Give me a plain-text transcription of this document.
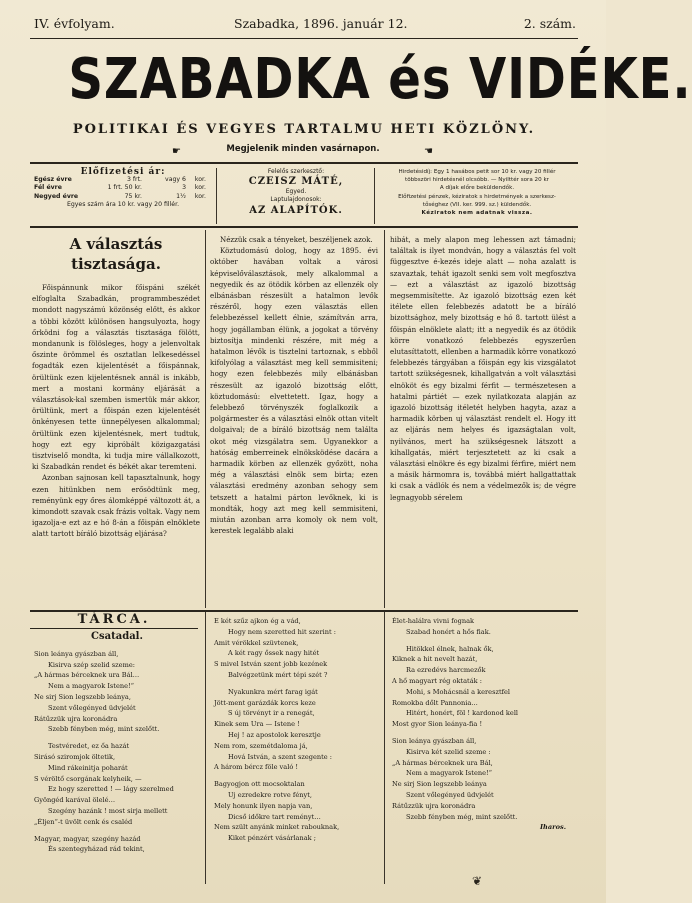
IV. évfolyam.	Szabadka, 1896. január 12.	2. szám.
SZABADKA és VIDÉKE.
POLITIKAI ÉS VEGYES TARTALMU HETI KÖZLÖNY.
☛	Megjelenik minden vasárnapon.	☚
Előfizetési ár:
Egész évre	3 frt.	vagy 6	kor.
Fél évre	1 frt. 50 kr.	3	kor.
Negyed évre	75 kr.	1½	kor.
Egyes szám ára 10 kr. vagy 20 fillér.
Felelős szerkesztő:
CZEISZ MÁTÉ,
Egyed.
Laptulajdonosok:
AZ ALAPÍTÓK.
Hirdetésidíj: Egy 1 hasábos petit sor 10 kr. vagy 20 fillér
többszöri hirdetésnél olcsóbb. — Nyilttér sora 20 kr
A díjak előre beküldendők.
Előfizetési pénzek, kéziratok s hirdetmények a szerkesz-
tőséghez (VII. ker. 999. sz.) küldendők.
Kéziratok nem adatnak vissza.
A választás tisztasága.

Főispánnunk mikor főispáni székét elfoglalta Szabadkán, programmbeszédet mondott nagyszámú közönség előtt, és akkor a többi között különösen hangsulyozta, hogy őrködni fog a választás tisztasága fölött, mondanunk is fölösleges, hogy a jelenvoltak őszinte örömmel és osztatlan lelkesedéssel fogadták ezen kijelentését a főispánnak, örültünk ezen kijelentésnek annál is inkább, mert a mostani kormány eljárását a választások-kal szemben ismertük már akkor, örültünk, mert a főispán ezen kijelentését önkényesen tette ünnepélyesen alkalommal; örültünk ezen kijelentésnek, mert tudtuk, hogy ezt egy kipróbált közigazgatási tisztviselő mondta, ki tudja mire vállalkozott, ki Szabadkán rendet és békét akar teremteni.

Azonban sajnosan kell tapasztalnunk, hogy ezen hitünkben nem erősödtünk meg, reményünk egy őres álomképpé változott át, a kimondott szavak csak frázis voltak. Vagy nem igazolja-e ezt az e hó 8-án a főispán elnöklete alatt tartott bíráló bizottság eljárása?

Nézzük csak a tényeket, beszéljenek azok.

Köztudomású dolog, hogy az 1895. évi október havában voltak a városi képviselőválasztások, mely alkalommal a negyedik és az ötödik körben az ellenzék oly elbánásban részesült a hatalmon levők részéről, hogy ezen választás ellen felebbezéssel kellett élnie, számítván arra, hogy jogállamban élünk, a jogokat a törvény biztosítja mindenki részére, mit még a hatalmon lévők is tisztelni tartoznak, s ebből kifolyólag a választást meg kell semmisiteni; hogy ezen felebbezés mily elbánásban részesült az igazoló bizottság előtt, köztudomású: elvettetett. Igaz, hogy a felebbező törvényszék foglalkozik a polgármester és a választási elnök ottan vitelt dolgaival; de a bíráló bizottság nem találta okot még vizsgálatra sem. Ugyanekkor a hatóság emberreinek elnöksködése dacára a harmadik körben az ellenzék győzött, noha még a választási elnök sem birta; ezen választási eredmény azonban sehogy sem tetszett a hatalmi párton levőknek, ki is mondták, hogy azt meg kell semmisiteni, miután azonban arra komoly ok nem volt, kerestek legalább alaki

hibát, a mely alapon meg lehessen azt támadni; találtak is ilyet mondván, hogy a választás fel volt függesztve é-kezés ideje alatt — noha azalatt is szavaztak, tehát igazolt senki sem volt megfosztva — ezt a választást az igazoló bizottság megsemmisítette. Az igazoló bizottság ezen két itélete ellen felebbezés adatott be a bíráló bizottsághoz, mely bizottság e hó 8. tartott ülést a főispán elnöklete alatt; itt a negyedik és az ötödik körre vonatkozó felebbezés egyszerűen elutasíttatott, ellenben a harmadik körre vonatkozó felebbezés tárgyában a főispán egy kis vizsgálatot tartott szükségesnek, kihallgatván a volt választási elnököt és egy bizalmi férfit — természetesen a hatalmi pártiét — ezek nyilatkozata alapján az igazoló bizottság itéletét helyben hagyta, azaz a harmadik körben uj választást rendelt el. Hogy itt az eljárás nem helyes és igazságtalan volt, nyilvános, mert ha szükségesnek látszott a kihallgatás, miért terjesztetett az ki csak a választási elnökre és egy bizalmi férfire, miért nem a másik hármomra is, továbbá miért hallgattattak ki csak a vádlók és nem a védelmezők is; de végre legnagyobb sérelem

TÁRCA.
Csatadal.
Sion leánya gyászban áll,
Kisirva szép szelid szeme:
„A hármas bérceknek ura Bál…
Nem a magyarok Istene!“
Ne sirj Sion legszebb leánya,
Szent vőlegényed üdvjelét
Rátűzzük ujra koronádra
Szebb fényben még, mint szelőtt.
Testvéredet, ez őa hazát
Sirásó sziromjok öltetik,
Mind rákeinitja poharát
S véröltő csorgának kelyheik, —
Ez hogy szeretted ! — lágy szerelmed
Gyöngéd karával ölelé…
Szegény hazánk ! most sirja mellett
„Éljen“-t üvölt cenk és csaléd
Magyar, magyar, szegény hazád
És szentegyházad rád tekint,
E két szűz ajkon ég a vád,
Hogy nem szeretted hit szerint :
Amit vérökkel szüvtenek,
A két ragy őssek nagy hitét
S mivel István szent jobb kezének
Balvégzetünk mért tépi szét ?
Nyakunkra mért farag igát
Jött-ment garázdák korcs keze
S új törvényt ir a renegát,
Kinek sem Ura — Istene !
Hej ! az apostolok keresztje
Nem rom, szemétdaloma já,
Hová István, a szent szegente :
A három bércz föle való !
Bagyogjon ott mocsoktalan
Uj ezredekre rotve fényt,
Mely honunk ilyen napja van,
Dicső időkre tart reményt…
Nem szült anyánk minket rabouknak,
Kiket pénzért vásárlanak ;
Élet-halálra vivni fognak
Szabad honért a hős fiak.
Hitökkel élnek, halnak ők,
Kiknek a hit nevelt hazát,
Ra ezredévs harcmezők
A hő magyart rég oktaták :
Mohi, s Mohácsnál a keresztfel
Romokba dőlt Pannonia…
Hitért, honért, föl ! kardonod kell
Most gyor Sion leánya-fia !
Sion leánya gyászban áll,
Kisirva két szelid szeme :
„A hármas bérceknek ura Bál,
Nem a magyarok Istene!“
Ne sirj Sion legszebb leánya
Szent vőlegényed üdvjelét
Rátűzzük ujra koronádra
Szebb fényben még, mint szelőtt.
Iharos.
❦
